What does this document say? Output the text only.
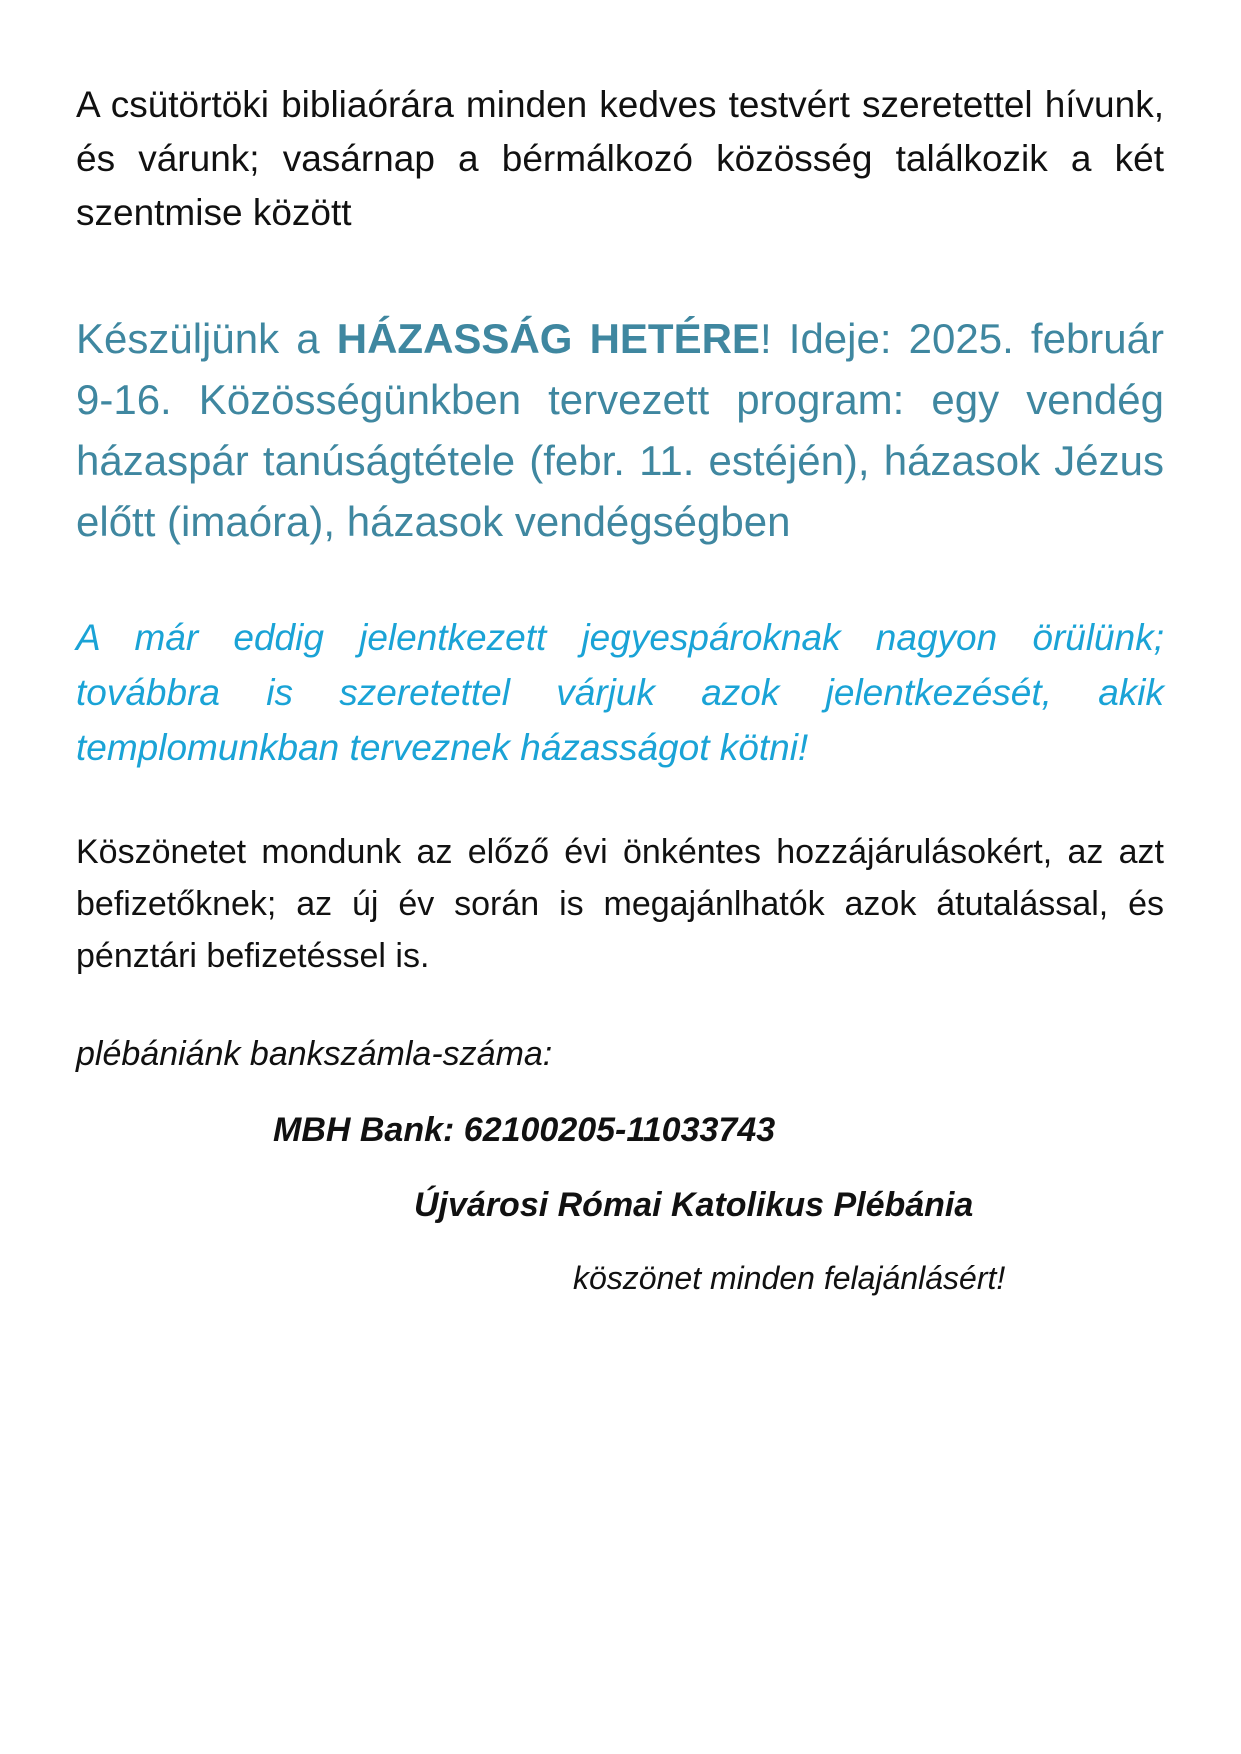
A csütörtöki bibliaórára minden kedves testvért szeretettel hívunk, és várunk; vasárnap a bérmálkozó közösség találkozik a két szentmise között

Készüljünk a HÁZASSÁG HETÉRE! Ideje: 2025. február 9-16. Közösségünkben tervezett program: egy vendég házaspár tanúságtétele (febr. 11. estéjén), házasok Jézus előtt (imaóra), házasok vendégségben

A már eddig jelentkezett jegyespároknak nagyon örülünk; továbbra is szeretettel várjuk azok jelentkezését, akik templomunkban terveznek házasságot kötni!

Köszönetet mondunk az előző évi önkéntes hozzájárulásokért, az azt befizetőknek; az új év során is megajánlhatók azok átutalással, és pénztári befizetéssel is.

plébániánk bankszámla-száma:

MBH Bank: 62100205-11033743

Újvárosi Római Katolikus Plébánia

köszönet minden felajánlásért!
